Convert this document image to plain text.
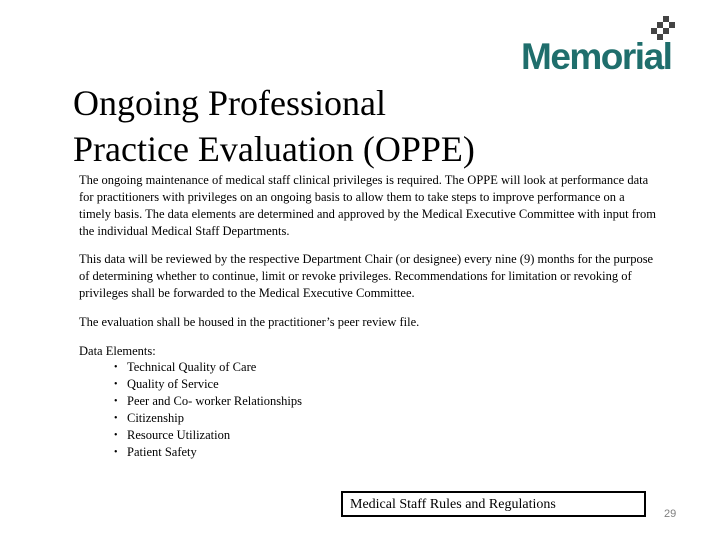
Memorial
Ongoing Professional
Practice Evaluation (OPPE)

The ongoing maintenance of medical staff clinical privileges is required. The OPPE will look at performance data for practitioners with privileges on an ongoing basis to allow them to take steps to improve performance on a timely basis. The data elements are determined and approved by the Medical Executive Committee with input from the individual Medical Staff Departments.

This data will be reviewed by the respective Department Chair (or designee) every nine (9) months for the purpose of determining whether to continue, limit or revoke privileges. Recommendations for limitation or revoking of privileges shall be forwarded to the Medical Executive Committee.

The evaluation shall be housed in the practitioner’s peer review file.

Data Elements:

• Technical Quality of Care
• Quality of Service
• Peer and Co- worker Relationships
• Citizenship
• Resource Utilization
• Patient Safety
Medical Staff Rules and Regulations
29
